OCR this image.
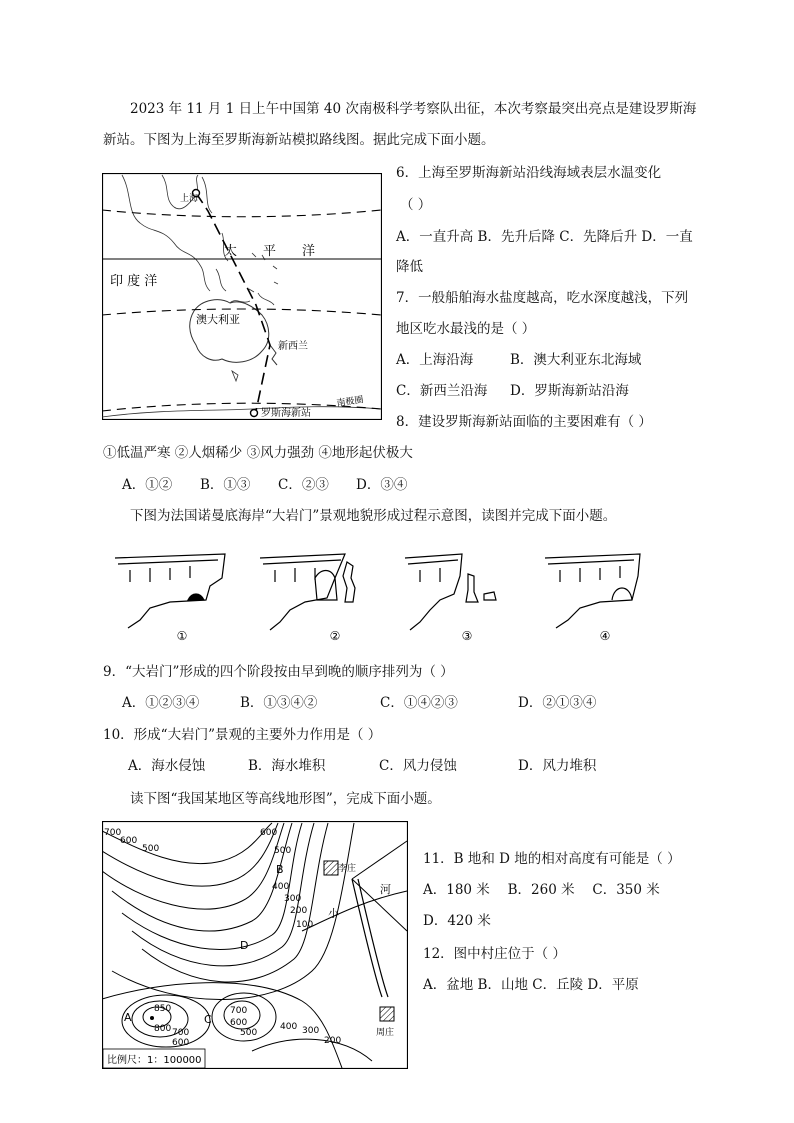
2023 年 11 月 1 日上午中国第 40 次南极科学考察队出征，本次考察最突出亮点是建设罗斯海
新站。下图为上海至罗斯海新站模拟路线图。据此完成下面小题。
上海
太　　平　　洋
印 度 洋
澳大利亚
新西兰
罗斯海新站
南极圈
6．上海至罗斯海新站沿线海域表层水温变化
（ ）
A．一直升高 B．先升后降 C．先降后升 D．一直
降低
7．一般船舶海水盐度越高，吃水深度越浅，下列
地区吃水最浅的是（ ）
A．上海沿海	B．澳大利亚东北海域
C．新西兰沿海 D．罗斯海新站沿海
8．建设罗斯海新站面临的主要困难有（ ）
①低温严寒 ②人烟稀少 ③风力强劲 ④地形起伏极大
A．①② B．①③ C．②③ D．③④
下图为法国诺曼底海岸“大岩门”景观地貌形成过程示意图，读图并完成下面小题。
①	②	③	④
9．“大岩门”形成的四个阶段按由早到晚的顺序排列为（ ）
A．①②③④	B．①③④②	C．①④②③	D．②①③④
10．形成“大岩门”景观的主要外力作用是（ ）
A．海水侵蚀	B．海水堆积	C．风力侵蚀	D．风力堆积
读下图“我国某地区等高线地形图”，完成下面小题。
李庄
周庄
河
小
B
D
A	C
700
600
500
600
500
400
300
200
100
850
800 700
600
700
600
500
400 300
200
比例尺：1：100000
11．B 地和 D 地的相对高度有可能是（ ）
A．180 米　 B．260 米　 C．350 米
D．420 米
12．图中村庄位于（ ）
A．盆地 B．山地 C．丘陵 D．平原
